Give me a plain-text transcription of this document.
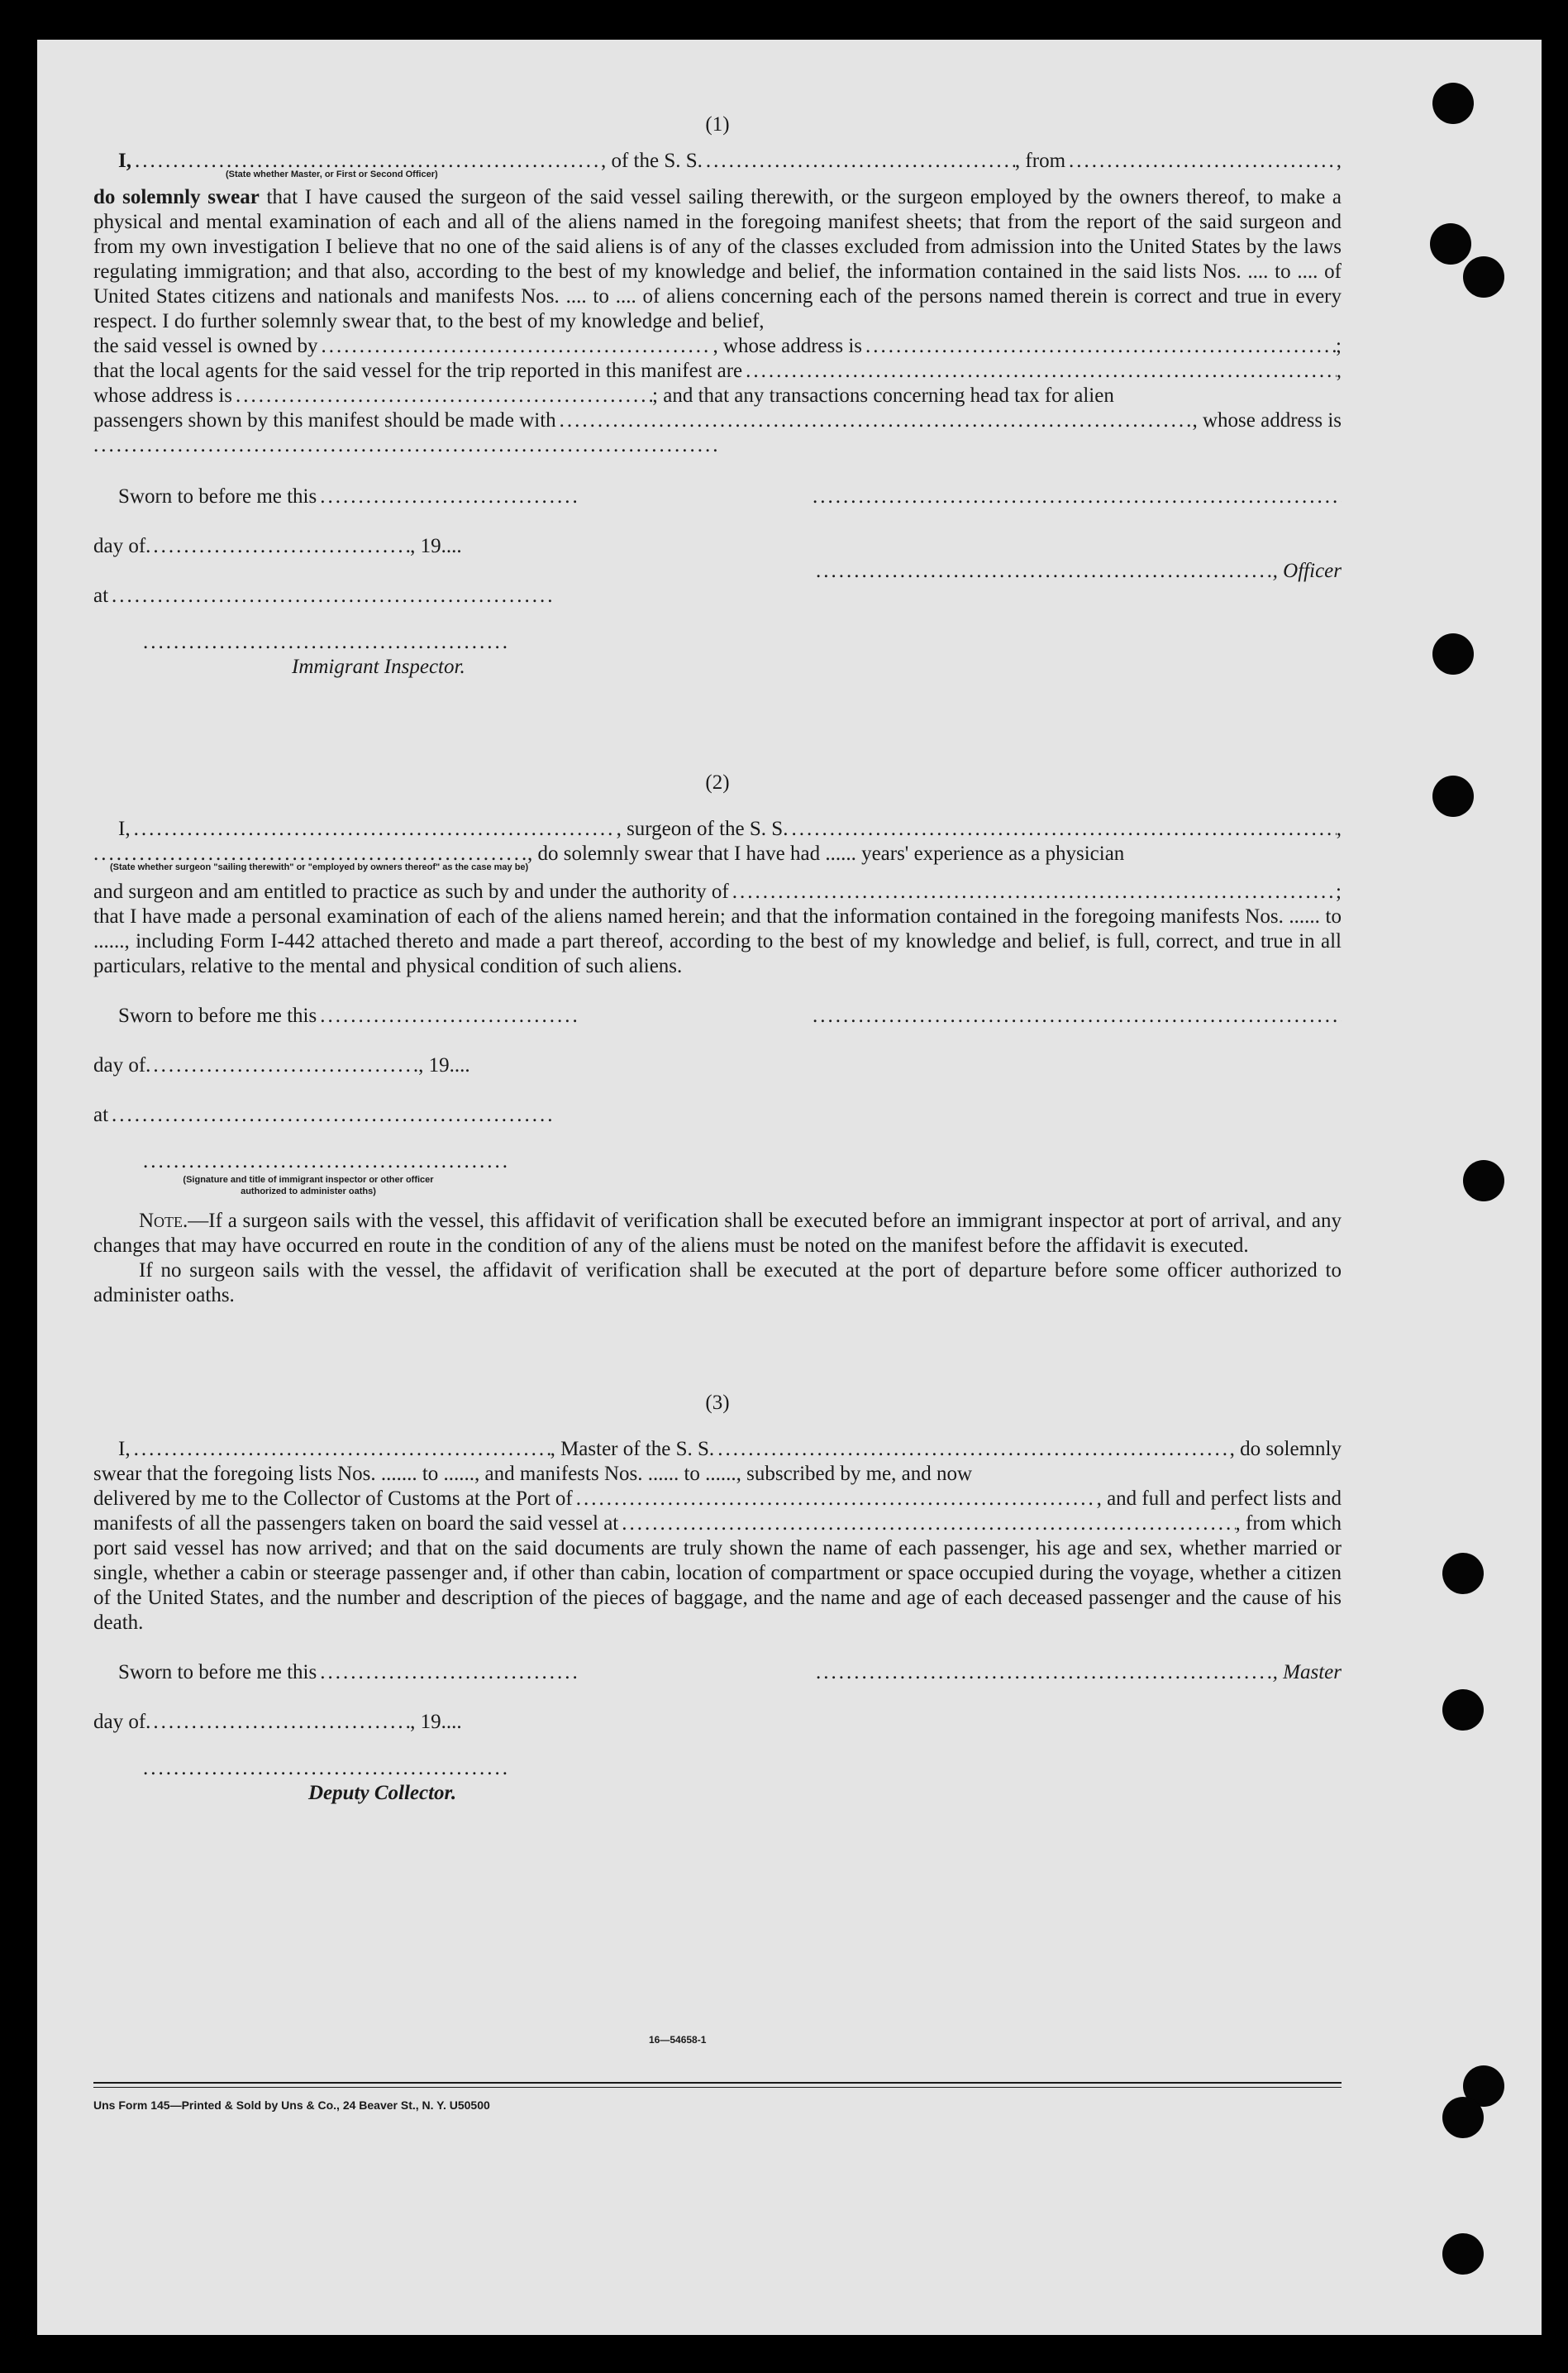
(1)

I, .....	, of the S. S. .....	, from .....	,
(State whether Master, or First or Second Officer)

do solemnly swear that I have caused the surgeon of the said vessel sailing therewith, or the surgeon employed by the owners thereof, to make a physical and mental examination of each and all of the aliens named in the foregoing manifest sheets; that from the report of the said surgeon and from my own investigation I believe that no one of the said aliens is of any of the classes excluded from admission into the United States by the laws regulating immigration; and that also, according to the best of my knowledge and belief, the information contained in the said lists Nos. .... to .... of United States citizens and nationals and manifests Nos. .... to .... of aliens concerning each of the persons named therein is correct and true in every respect. I do further solemnly swear that, to the best of my knowledge and belief,

the said vessel is owned by .....	, whose address is .....	;
that the local agents for the said vessel for the trip reported in this manifest are .....	,
whose address is .....	; and that any transactions concerning head tax for alien
passengers shown by this manifest should be made with .....	, whose address is
.....
Sworn to before me this
.....
.....
day of .....	, 19....
.....
, Officer
at
.....
.....
Immigrant Inspector.

(2)

I, .....	, surgeon of the S. S. .....	,
.....
, do solemnly swear that I have had ...... years' experience as a physician
(State whether surgeon "sailing therewith" or "employed by owners thereof" as the case may be)
and surgeon and am entitled to practice as such by and under the authority of .....	;

that I have made a personal examination of each of the aliens named herein; and that the information contained in the foregoing manifests Nos. ...... to ......, including Form I-442 attached thereto and made a part thereof, according to the best of my knowledge and belief, is full, correct, and true in all particulars, relative to the mental and physical condition of such aliens.

Sworn to before me this
.....
.....
day of .....	, 19....
at
.....
.....
(Signature and title of immigrant inspector or other officer authorized to administer oaths)

Note.—If a surgeon sails with the vessel, this affidavit of verification shall be executed before an immigrant inspector at port of arrival, and any changes that may have occurred en route in the condition of any of the aliens must be noted on the manifest before the affidavit is executed.

If no surgeon sails with the vessel, the affidavit of verification shall be executed at the port of departure before some officer authorized to administer oaths.

(3)

I, .....	, Master of the S. S. .....	, do solemnly

swear that the foregoing lists Nos. ....... to ......, and manifests Nos. ...... to ......, subscribed by me, and now

delivered by me to the Collector of Customs at the Port of .....	, and full and perfect lists and
manifests of all the passengers taken on board the said vessel at .....	, from which

port said vessel has now arrived; and that on the said documents are truly shown the name of each passenger, his age and sex, whether married or single, whether a cabin or steerage passenger and, if other than cabin, location of compartment or space occupied during the voyage, whether a citizen of the United States, and the number and description of the pieces of baggage, and the name and age of each deceased passenger and the cause of his death.

Sworn to before me this ..... .....	, Master
day of .....	, 19....
.....
Deputy Collector.
16—54658-1
Uns Form 145—Printed & Sold by Uns & Co., 24 Beaver St., N. Y. U50500
